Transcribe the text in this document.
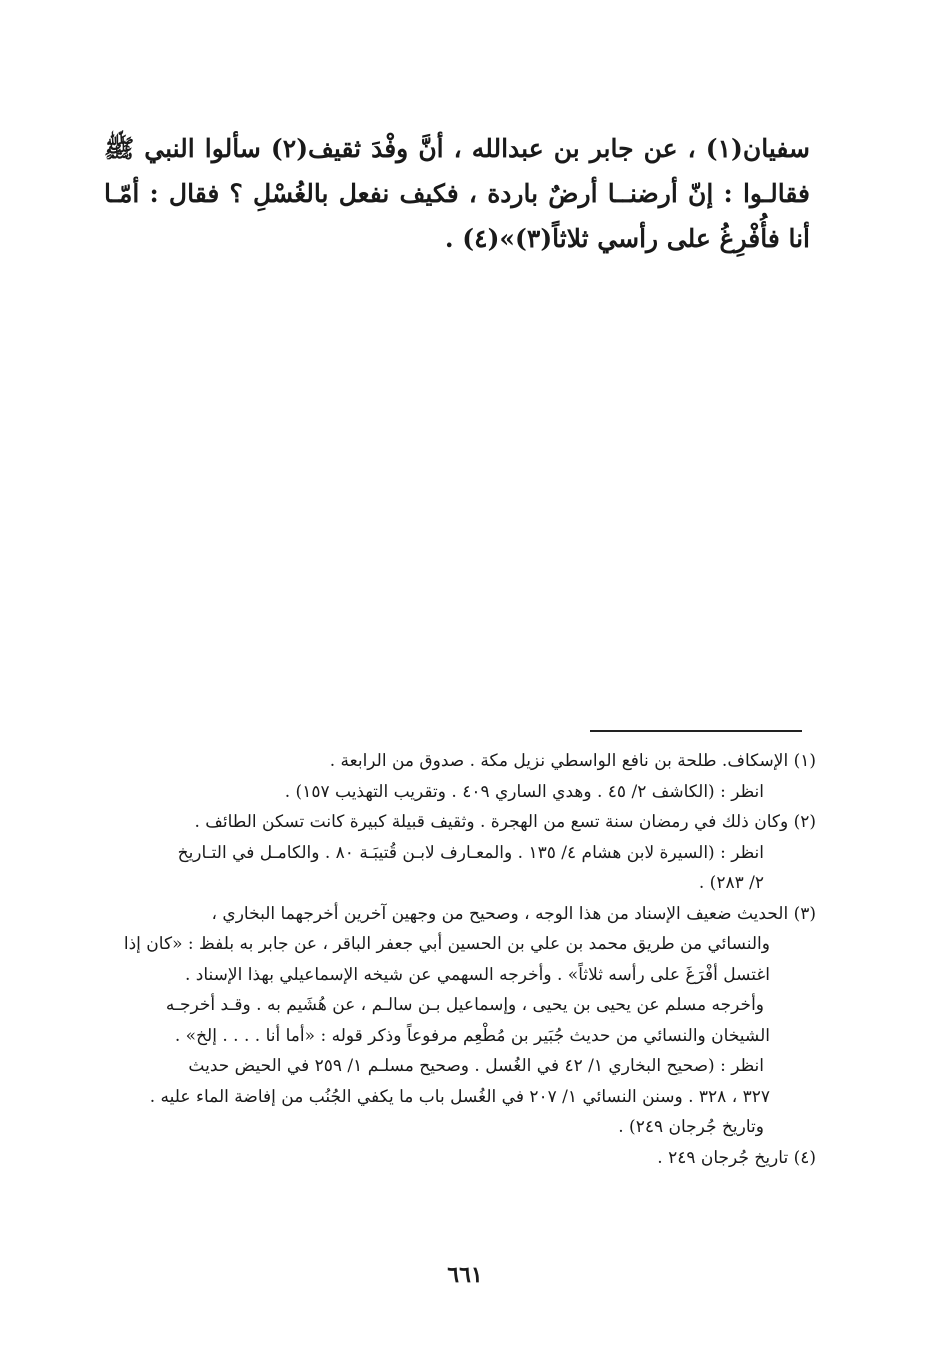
سفيان(١) ، عن جابر بن عبدالله ، أنَّ وفْدَ ثقيف(٢) سألوا النبي ﷺ فقالـوا : إنّ أرضنــا أرضٌ باردة ، فكيف نفعل بالغُسْلِ ؟ فقال : أمّـا أنا فأُفْرِغُ على رأسي ثلاثاً(٣)»(٤) .

(١) الإسكاف. طلحة بن نافع الواسطي نزيل مكة . صدوق من الرابعة .
انظر : (الكاشف ٢/ ٤٥ . وهدي الساري ٤٠٩ . وتقريب التهذيب ١٥٧) .
(٢) وكان ذلك في رمضان سنة تسع من الهجرة . وثقيف قبيلة كبيرة كانت تسكن الطائف .
انظر : (السيرة لابن هشام ٤/ ١٣٥ . والمعـارف لابـن قُتيبَـة ٨٠ . والكامـل في التـاريخ
٢/ ٢٨٣) .
(٣) الحديث ضعيف الإسناد من هذا الوجه ، وصحيح من وجهين آخرين أخرجهما البخاري ،
والنسائي من طريق محمد بن علي بن الحسين أبي جعفر الباقر ، عن جابر به بلفظ : «كان إذا
اغتسل أفْرَغَ على رأسه ثلاثاً» . وأخرجه السهمي عن شيخه الإسماعيلي بهذا الإسناد .
وأخرجه مسلم عن يحيى بن يحيى ، وإسماعيل بـن سالـم ، عن هُشَيم به . وقـد أخرجـه
الشيخان والنسائي من حديث جُبَير بن مُطْعِم مرفوعاً وذكر قوله : «أما أنا . . . . إلخ» .
انظر : (صحيح البخاري ١/ ٤٢ في الغُسل . وصحيح مسلـم ١/ ٢٥٩ في الحيض حديث
٣٢٧ ، ٣٢٨ . وسنن النسائي ١/ ٢٠٧ في الغُسل باب ما يكفي الجُنُب من إفاضة الماء عليه .
وتاريخ جُرجان ٢٤٩) .
(٤) تاريخ جُرجان ٢٤٩ .
٦٦١
